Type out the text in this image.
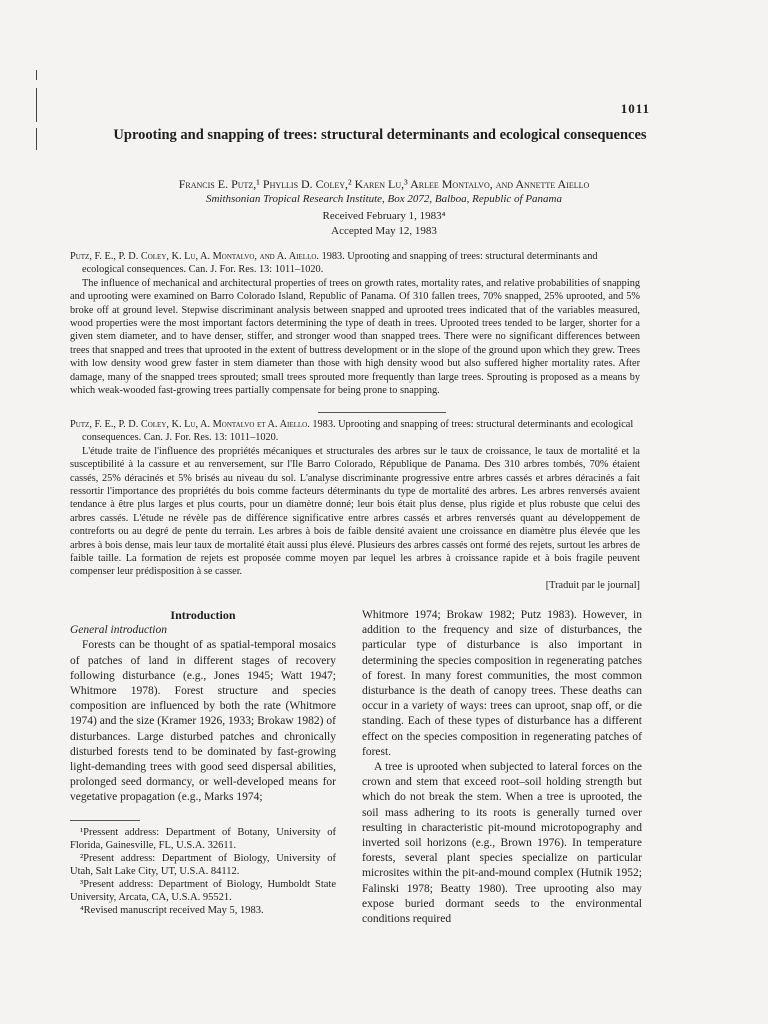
1011
Uprooting and snapping of trees: structural determinants and ecological consequences
Francis E. Putz,¹ Phyllis D. Coley,² Karen Lu,³ Arlee Montalvo, and Annette Aiello
Smithsonian Tropical Research Institute, Box 2072, Balboa, Republic of Panama
Received February 1, 1983⁴
Accepted May 12, 1983

Putz, F. E., P. D. Coley, K. Lu, A. Montalvo, and A. Aiello. 1983. Uprooting and snapping of trees: structural determinants and ecological consequences. Can. J. For. Res. 13: 1011–1020.

The influence of mechanical and architectural properties of trees on growth rates, mortality rates, and relative probabilities of snapping and uprooting were examined on Barro Colorado Island, Republic of Panama. Of 310 fallen trees, 70% snapped, 25% uprooted, and 5% broke off at ground level. Stepwise discriminant analysis between snapped and uprooted trees indicated that of the variables measured, wood properties were the most important factors determining the type of death in trees. Uprooted trees tended to be larger, shorter for a given stem diameter, and to have denser, stiffer, and stronger wood than snapped trees. There were no significant differences between trees that snapped and trees that uprooted in the extent of buttress development or in the slope of the ground upon which they grew. Trees with low density wood grew faster in stem diameter than those with high density wood but also suffered higher mortality rates. After damage, many of the snapped trees sprouted; small trees sprouted more frequently than large trees. Sprouting is proposed as a means by which weak-wooded fast-growing trees partially compensate for being prone to snapping.

Putz, F. E., P. D. Coley, K. Lu, A. Montalvo et A. Aiello. 1983. Uprooting and snapping of trees: structural determinants and ecological consequences. Can. J. For. Res. 13: 1011–1020.

L'étude traite de l'influence des propriétés mécaniques et structurales des arbres sur le taux de croissance, le taux de mortalité et la susceptibilité à la cassure et au renversement, sur l'Ile Barro Colorado, République de Panama. Des 310 arbres tombés, 70% étaient cassés, 25% déracinés et 5% brisés au niveau du sol. L'analyse discriminante progressive entre arbres cassés et arbres déracinés a fait ressortir l'importance des propriétés du bois comme facteurs déterminants du type de mortalité des arbres. Les arbres renversés avaient tendance à être plus larges et plus courts, pour un diamètre donné; leur bois était plus dense, plus rigide et plus robuste que celui des arbres cassés. L'étude ne révèle pas de différence significative entre arbres cassés et arbres renversés quant au développement de contreforts ou au degré de pente du terrain. Les arbres à bois de faible densité avaient une croissance en diamètre plus élevée que les arbres à bois dense, mais leur taux de mortalité était aussi plus élevé. Plusieurs des arbres cassés ont formé des rejets, surtout les arbres de faible taille. La formation de rejets est proposée comme moyen par lequel les arbres à croissance rapide et à bois fragile peuvent compenser leur prédisposition à se casser.

[Traduit par le journal]

Introduction

General introduction

Forests can be thought of as spatial-temporal mosaics of patches of land in different stages of recovery following disturbance (e.g., Jones 1945; Watt 1947; Whitmore 1978). Forest structure and species composition are influenced by both the rate (Whitmore 1974) and the size (Kramer 1926, 1933; Brokaw 1982) of disturbances. Large disturbed patches and chronically disturbed forests tend to be dominated by fast-growing light-demanding trees with good seed dispersal abilities, prolonged seed dormancy, or well-developed means for vegetative propagation (e.g., Marks 1974;

¹Pressent address: Department of Botany, University of Florida, Gainesville, FL, U.S.A. 32611.

²Present address: Department of Biology, University of Utah, Salt Lake City, UT, U.S.A. 84112.

³Present address: Department of Biology, Humboldt State University, Arcata, CA, U.S.A. 95521.

⁴Revised manuscript received May 5, 1983.

Whitmore 1974; Brokaw 1982; Putz 1983). However, in addition to the frequency and size of disturbances, the particular type of disturbance is also important in determining the species composition in regenerating patches of forest. In many forest communities, the most common disturbance is the death of canopy trees. These deaths can occur in a variety of ways: trees can uproot, snap off, or die standing. Each of these types of disturbance has a different effect on the species composition in regenerating patches of forest.

A tree is uprooted when subjected to lateral forces on the crown and stem that exceed root–soil holding strength but which do not break the stem. When a tree is uprooted, the soil mass adhering to its roots is generally turned over resulting in characteristic pit-mound microtopography and inverted soil horizons (e.g., Brown 1976). In temperature forests, several plant species specialize on particular microsites within the pit-and-mound complex (Hutnik 1952; Falinski 1978; Beatty 1980). Tree uprooting also may expose buried dormant seeds to the environmental conditions required
